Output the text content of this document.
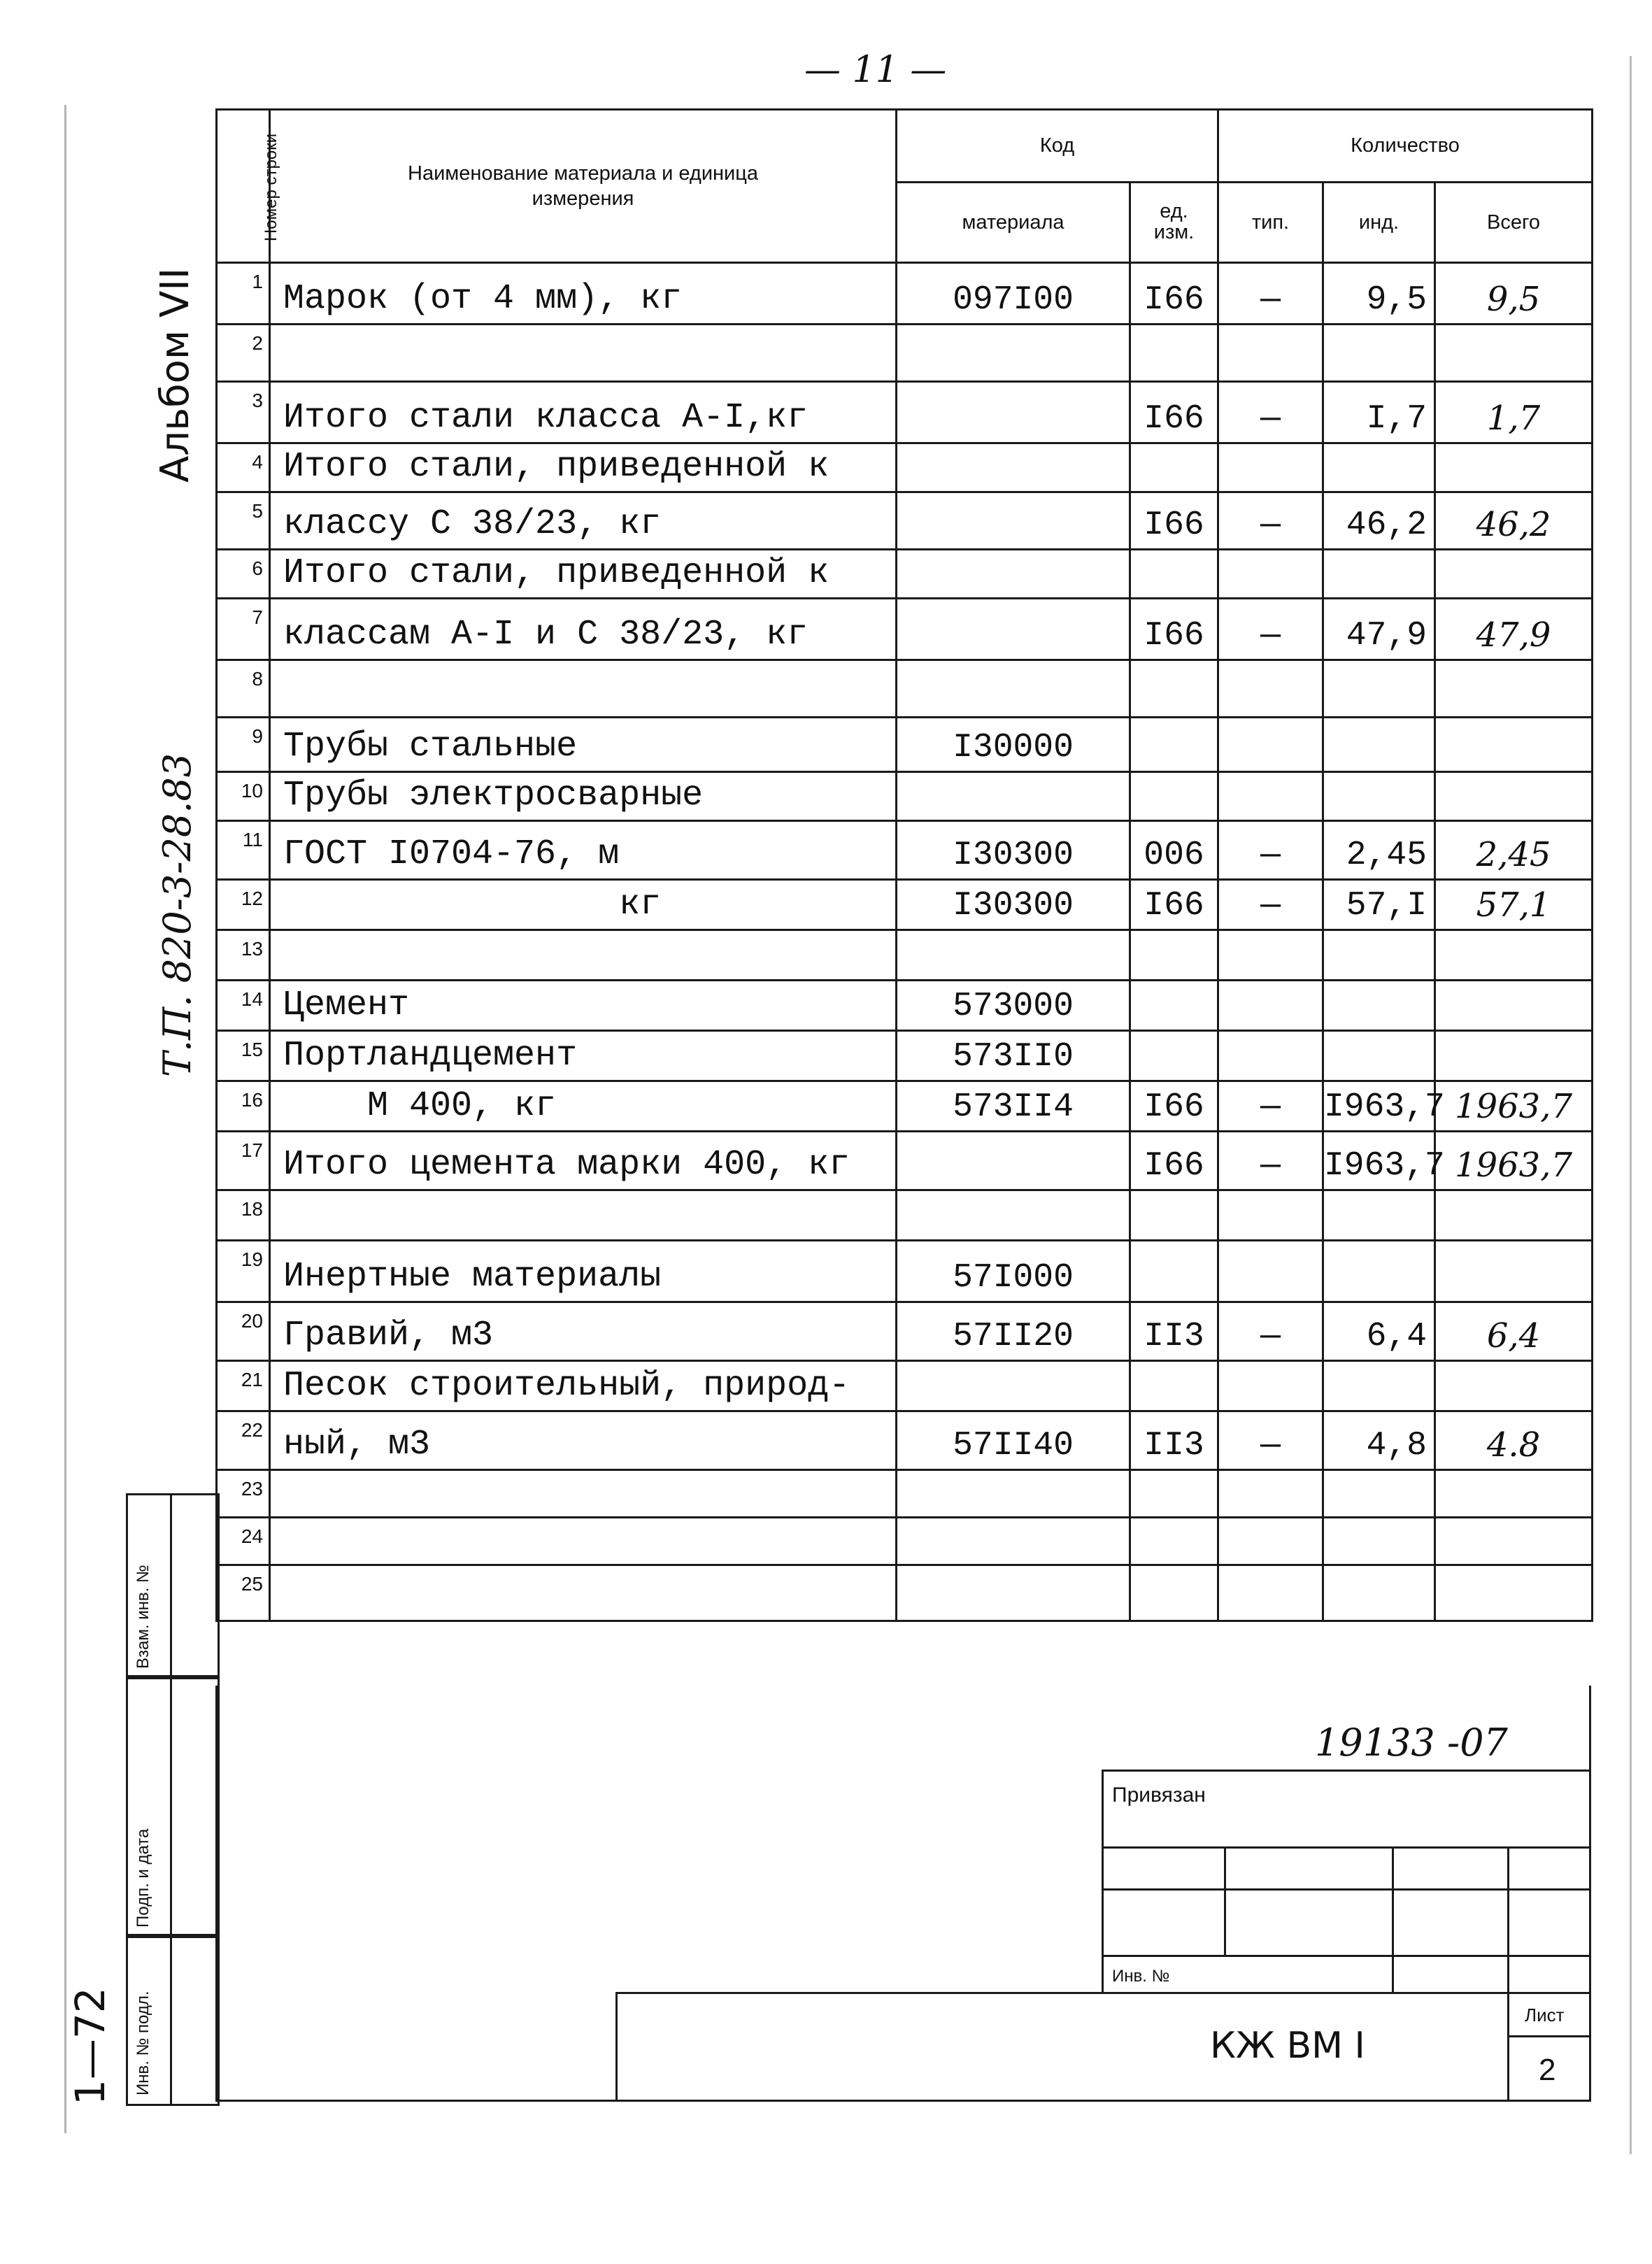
— 11 —
Альбом VII
Т.П. 820-3-28.83
1—72
Номер строки	Наименование материала и единица измерения	Код		Количество		
		материала	ед. изм.	тип.	инд.	Всего
1	Марок (от 4 мм), кг	097I00	I66	—	9,5	9,5
2						
3	Итого стали класса А-I,кг		I66	—	I,7	1,7
4	Итого стали, приведенной к					
5	классу С 38/23, кг		I66	—	46,2	46,2
6	Итого стали, приведенной к					
7	классам А-I и С 38/23, кг		I66	—	47,9	47,9
8						
9	Трубы стальные	I30000				
10	Трубы электросварные					
11	ГОСТ I0704-76, м	I30300	006	—	2,45	2,45
12	кг	I30300	I66	—	57,I	57,1
13						
14	Цемент	573000				
15	Портландцемент	573II0				
16	М 400, кг	573II4	I66	—	I963,7	1963,7
17	Итого цемента марки 400, кг		I66	—	I963,7	1963,7
18						
19	Инертные материалы	57I000				
20	Гравий, м3	57II20	II3	—	6,4	6,4
21	Песок строительный, природ-					
22	ный, м3	57II40	II3	—	4,8	4.8
23						
24						
25						
Взам. инв. №
Подп. и дата
Инв. № подл.
19133 -07
Привязан
Инв. №
КЖ ВМ I
Лист
2
